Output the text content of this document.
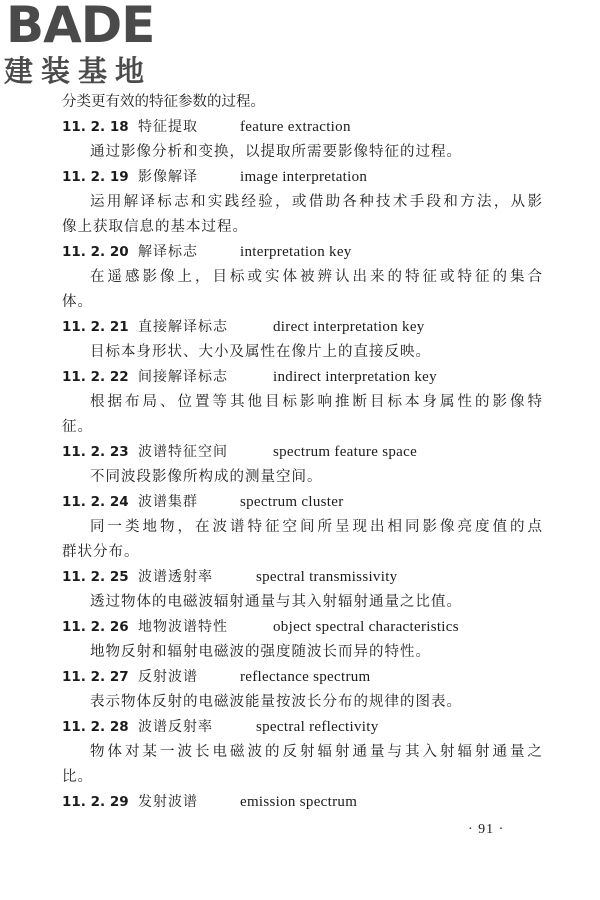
BADE
建装基地
分类更有效的特征参数的过程。
11. 2. 18 特征提取	feature extraction
通过影像分析和变换，以提取所需要影像特征的过程。
11. 2. 19 影像解译	image interpretation
运用解译标志和实践经验，或借助各种技术手段和方法，从影
像上获取信息的基本过程。
11. 2. 20 解译标志	interpretation key
在遥感影像上，目标或实体被辨认出来的特征或特征的集合
体。
11. 2. 21 直接解译标志	direct interpretation key
目标本身形状、大小及属性在像片上的直接反映。
11. 2. 22 间接解译标志	indirect interpretation key
根据布局、位置等其他目标影响推断目标本身属性的影像特
征。
11. 2. 23 波谱特征空间	spectrum feature space
不同波段影像所构成的测量空间。
11. 2. 24 波谱集群	spectrum cluster
同一类地物，在波谱特征空间所呈现出相同影像亮度值的点
群状分布。
11. 2. 25 波谱透射率	spectral transmissivity
透过物体的电磁波辐射通量与其入射辐射通量之比值。
11. 2. 26 地物波谱特性	object spectral characteristics
地物反射和辐射电磁波的强度随波长而异的特性。
11. 2. 27 反射波谱	reflectance spectrum
表示物体反射的电磁波能量按波长分布的规律的图表。
11. 2. 28 波谱反射率	spectral reflectivity
物体对某一波长电磁波的反射辐射通量与其入射辐射通量之
比。
11. 2. 29 发射波谱	emission spectrum
· 91 ·
